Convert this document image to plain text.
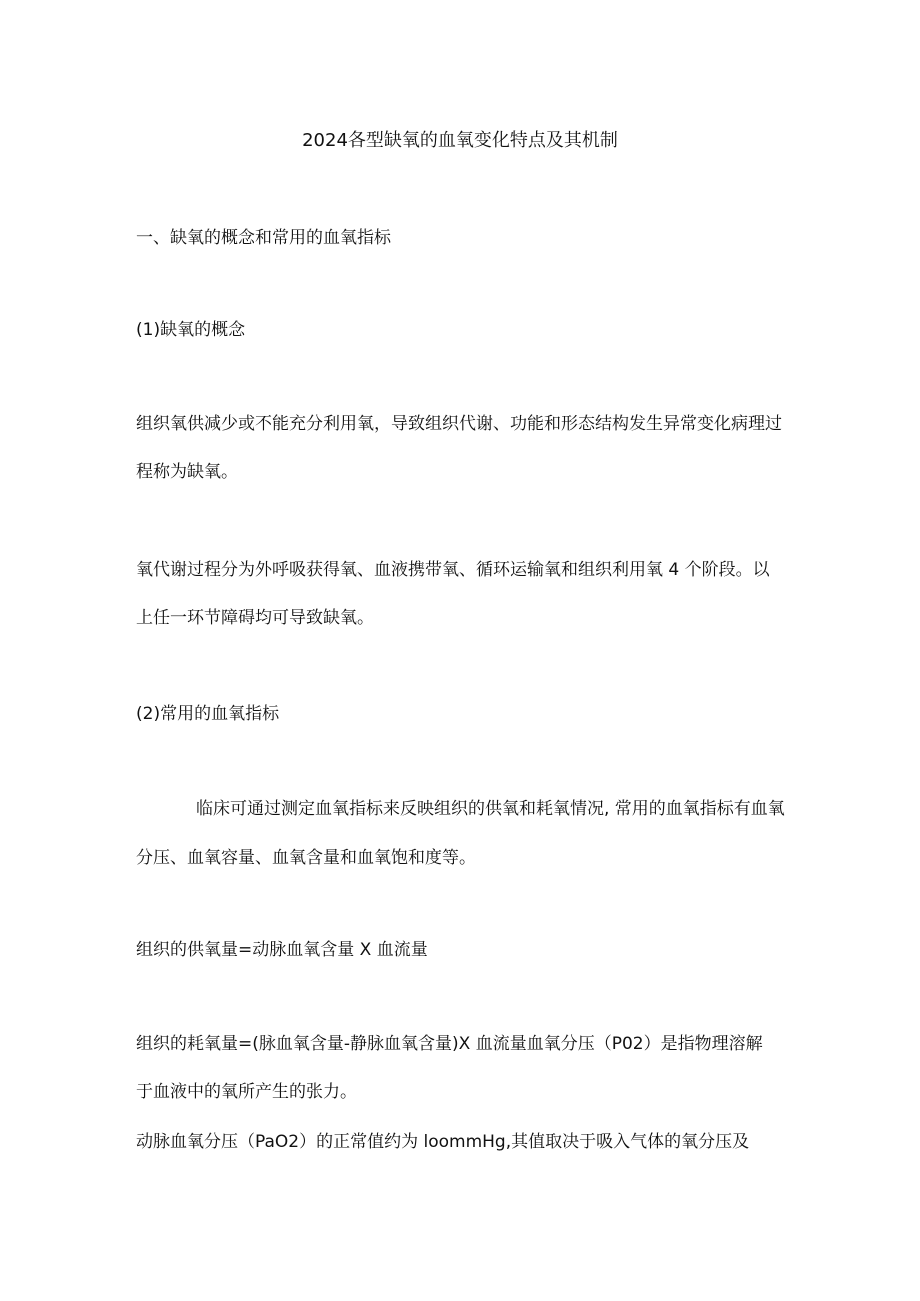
2024各型缺氧的血氧变化特点及其机制
一、缺氧的概念和常用的血氧指标
(1)缺氧的概念
组织氧供减少或不能充分利用氧，导致组织代谢、功能和形态结构发生异常变化病理过
程称为缺氧。
氧代谢过程分为外呼吸获得氧、血液携带氧、循环运输氧和组织利用氧 4 个阶段。以
上任一环节障碍均可导致缺氧。
(2)常用的血氧指标
临床可通过测定血氧指标来反映组织的供氧和耗氧情况, 常用的血氧指标有血氧
分压、血氧容量、血氧含量和血氧饱和度等。
组织的供氧量=动脉血氧含量 X 血流量
组织的耗氧量=(脉血氧含量-静脉血氧含量)X 血流量血氧分压（P02）是指物理溶解
于血液中的氧所产生的张力。
动脉血氧分压（PaO2）的正常值约为 loommHg,其值取决于吸入气体的氧分压及
